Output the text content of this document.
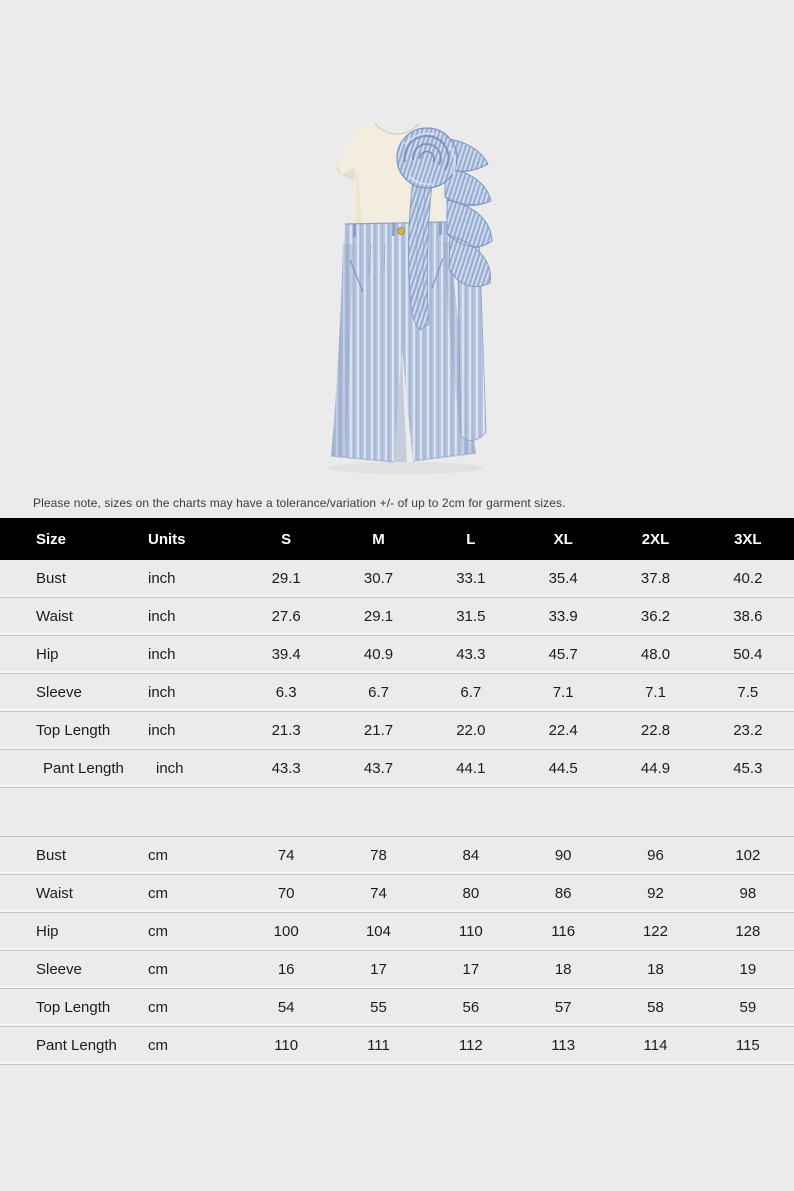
Please note, sizes on the charts may have a tolerance/variation +/- of up to 2cm for garment sizes.
Size	Units	S	M	L	XL	2XL	3XL
Bust	inch	29.1	30.7	33.1	35.4	37.8	40.2
Waist	inch	27.6	29.1	31.5	33.9	36.2	38.6
Hip	inch	39.4	40.9	43.3	45.7	48.0	50.4
Sleeve	inch	6.3	6.7	6.7	7.1	7.1	7.5
Top Length	inch	21.3	21.7	22.0	22.4	22.8	23.2
Pant Length	inch	43.3	43.7	44.1	44.5	44.9	45.3
Bust	cm	74	78	84	90	96	102
Waist	cm	70	74	80	86	92	98
Hip	cm	100	104	110	116	122	128
Sleeve	cm	16	17	17	18	18	19
Top Length	cm	54	55	56	57	58	59
Pant Length	cm	110	111	112	113	114	115
